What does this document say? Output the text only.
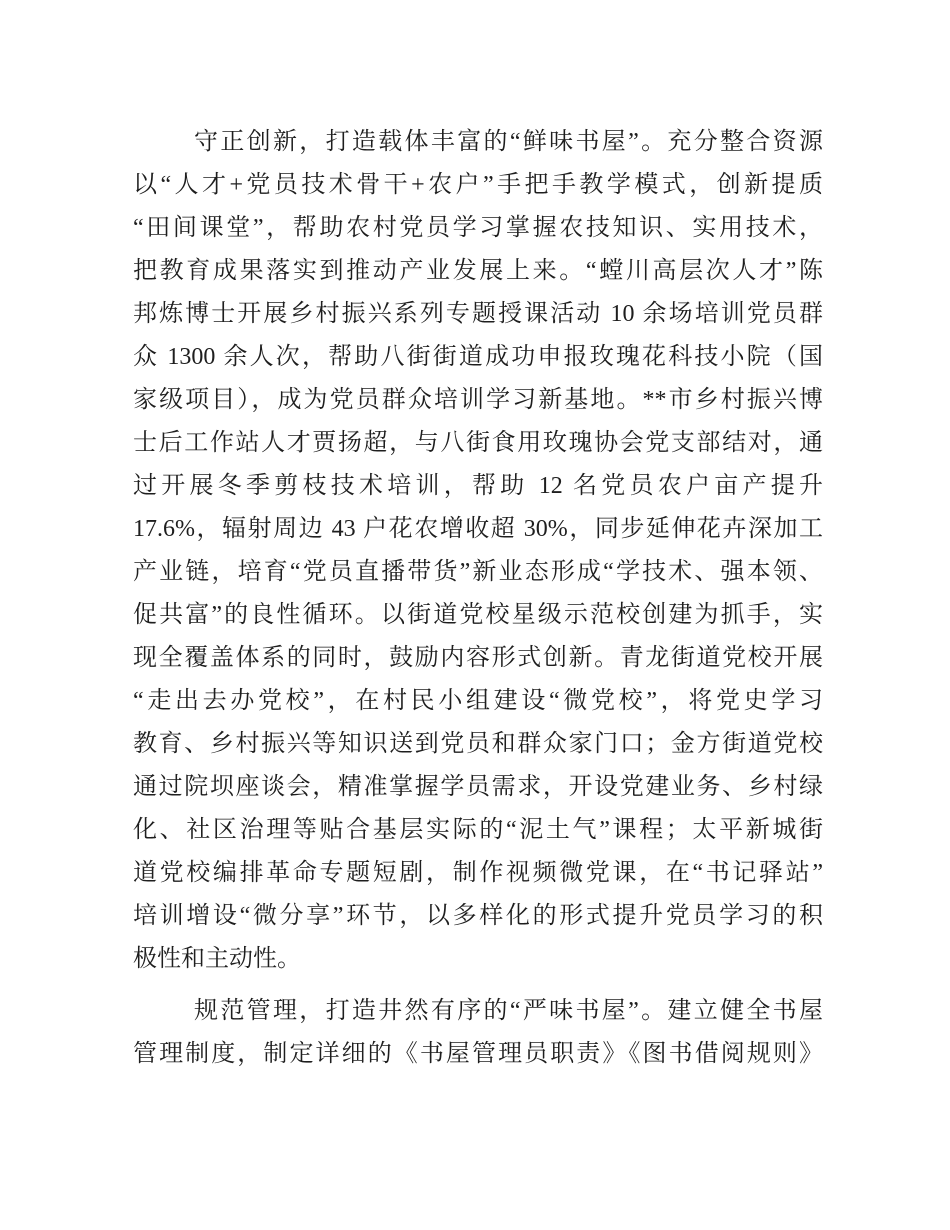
守正创新，打造载体丰富的“鲜味书屋”。充分整合资源
以“人才+党员技术骨干+农户”手把手教学模式，创新提质
“田间课堂”，帮助农村党员学习掌握农技知识、实用技术，
把教育成果落实到推动产业发展上来。“螳川高层次人才”陈
邦炼博士开展乡村振兴系列专题授课活动 10 余场培训党员群
众 1300 余人次，帮助八街街道成功申报玫瑰花科技小院（国
家级项目），成为党员群众培训学习新基地。**市乡村振兴博
士后工作站人才贾扬超，与八街食用玫瑰协会党支部结对，通
过开展冬季剪枝技术培训，帮助 12 名党员农户亩产提升
17.6%，辐射周边 43 户花农增收超 30%，同步延伸花卉深加工
产业链，培育“党员直播带货”新业态形成“学技术、强本领、
促共富”的良性循环。以街道党校星级示范校创建为抓手，实
现全覆盖体系的同时，鼓励内容形式创新。青龙街道党校开展
“走出去办党校”，在村民小组建设“微党校”，将党史学习
教育、乡村振兴等知识送到党员和群众家门口；金方街道党校
通过院坝座谈会，精准掌握学员需求，开设党建业务、乡村绿
化、社区治理等贴合基层实际的“泥土气”课程；太平新城街
道党校编排革命专题短剧，制作视频微党课，在“书记驿站”
培训增设“微分享”环节，以多样化的形式提升党员学习的积
极性和主动性。
规范管理，打造井然有序的“严味书屋”。建立健全书屋
管理制度，制定详细的《书屋管理员职责》《图书借阅规则》
